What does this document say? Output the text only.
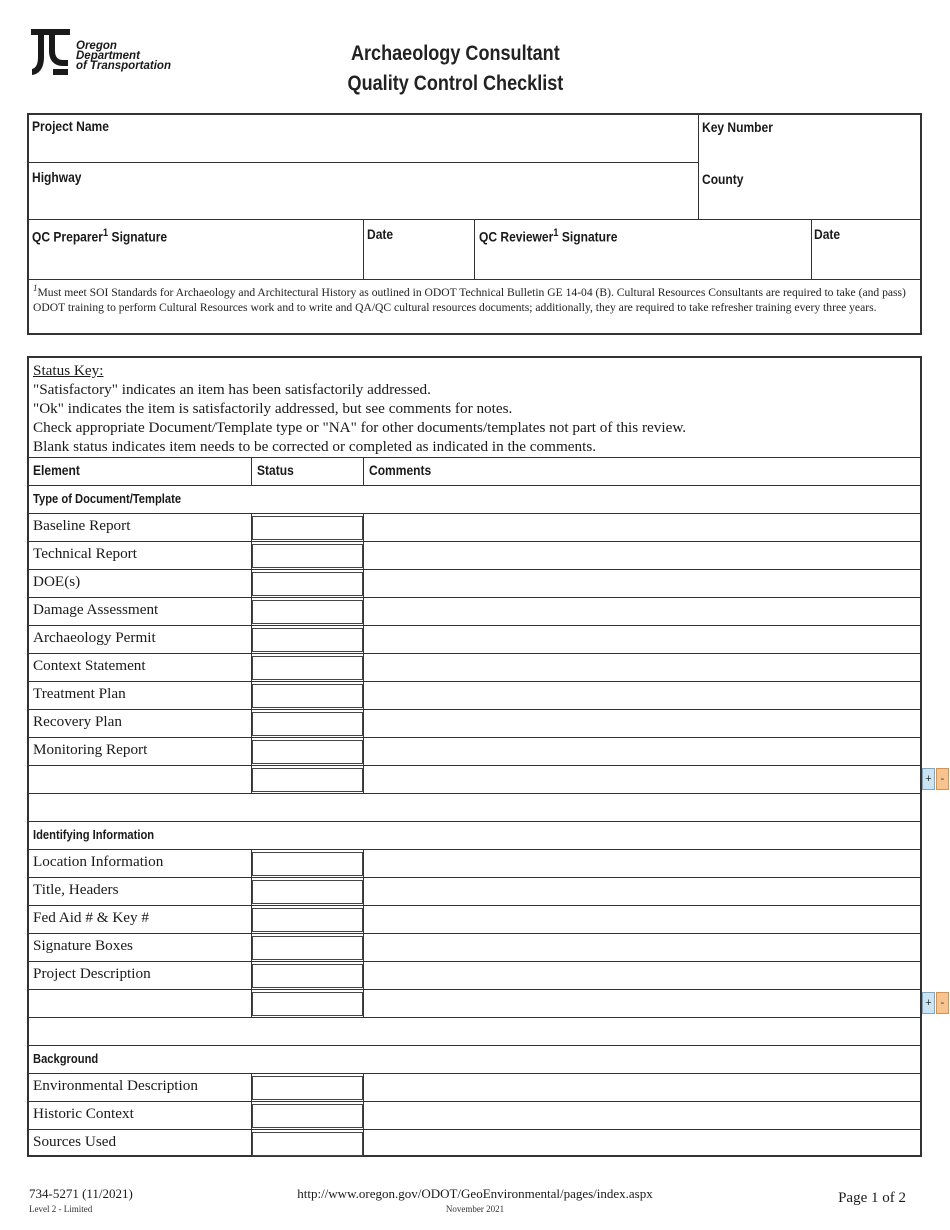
Oregon
Department
of Transportation
Archaeology Consultant
Quality Control Checklist
Project Name	Key Number
Highway	County
QC Preparer$^1$ Signature	Date	QC Reviewer$^1$ Signature	Date
$^1$Must meet SOI Standards for Archaeology and Architectural History as outlined in ODOT Technical Bulletin GE 14-04 (B). Cultural Resources Consultants are required to take (and pass) ODOT training to perform Cultural Resources work and to write and QA/QC cultural resources documents; additionally, they are required to take refresher training every three years.
Status Key:
"Satisfactory" indicates an item has been satisfactorily addressed.
"Ok" indicates the item is satisfactorily addressed, but see comments for notes.
Check appropriate Document/Template type or "NA" for other documents/templates not part of this review.
Blank status indicates item needs to be corrected or completed as indicated in the comments.
Element	Status	Comments
Type of Document/Template
Baseline Report
Technical Report
DOE(s)
Damage Assessment
Archaeology Permit
Context Statement
Treatment Plan
Recovery Plan
Monitoring Report
+ -
Identifying Information
Location Information
Title, Headers
Fed Aid # & Key #
Signature Boxes
Project Description
+ -
Background
Environmental Description
Historic Context
Sources Used
734-5271 (11/2021)
Level 2 - Limited
http://www.oregon.gov/ODOT/GeoEnvironmental/pages/index.aspx
November 2021
Page 1 of 2
